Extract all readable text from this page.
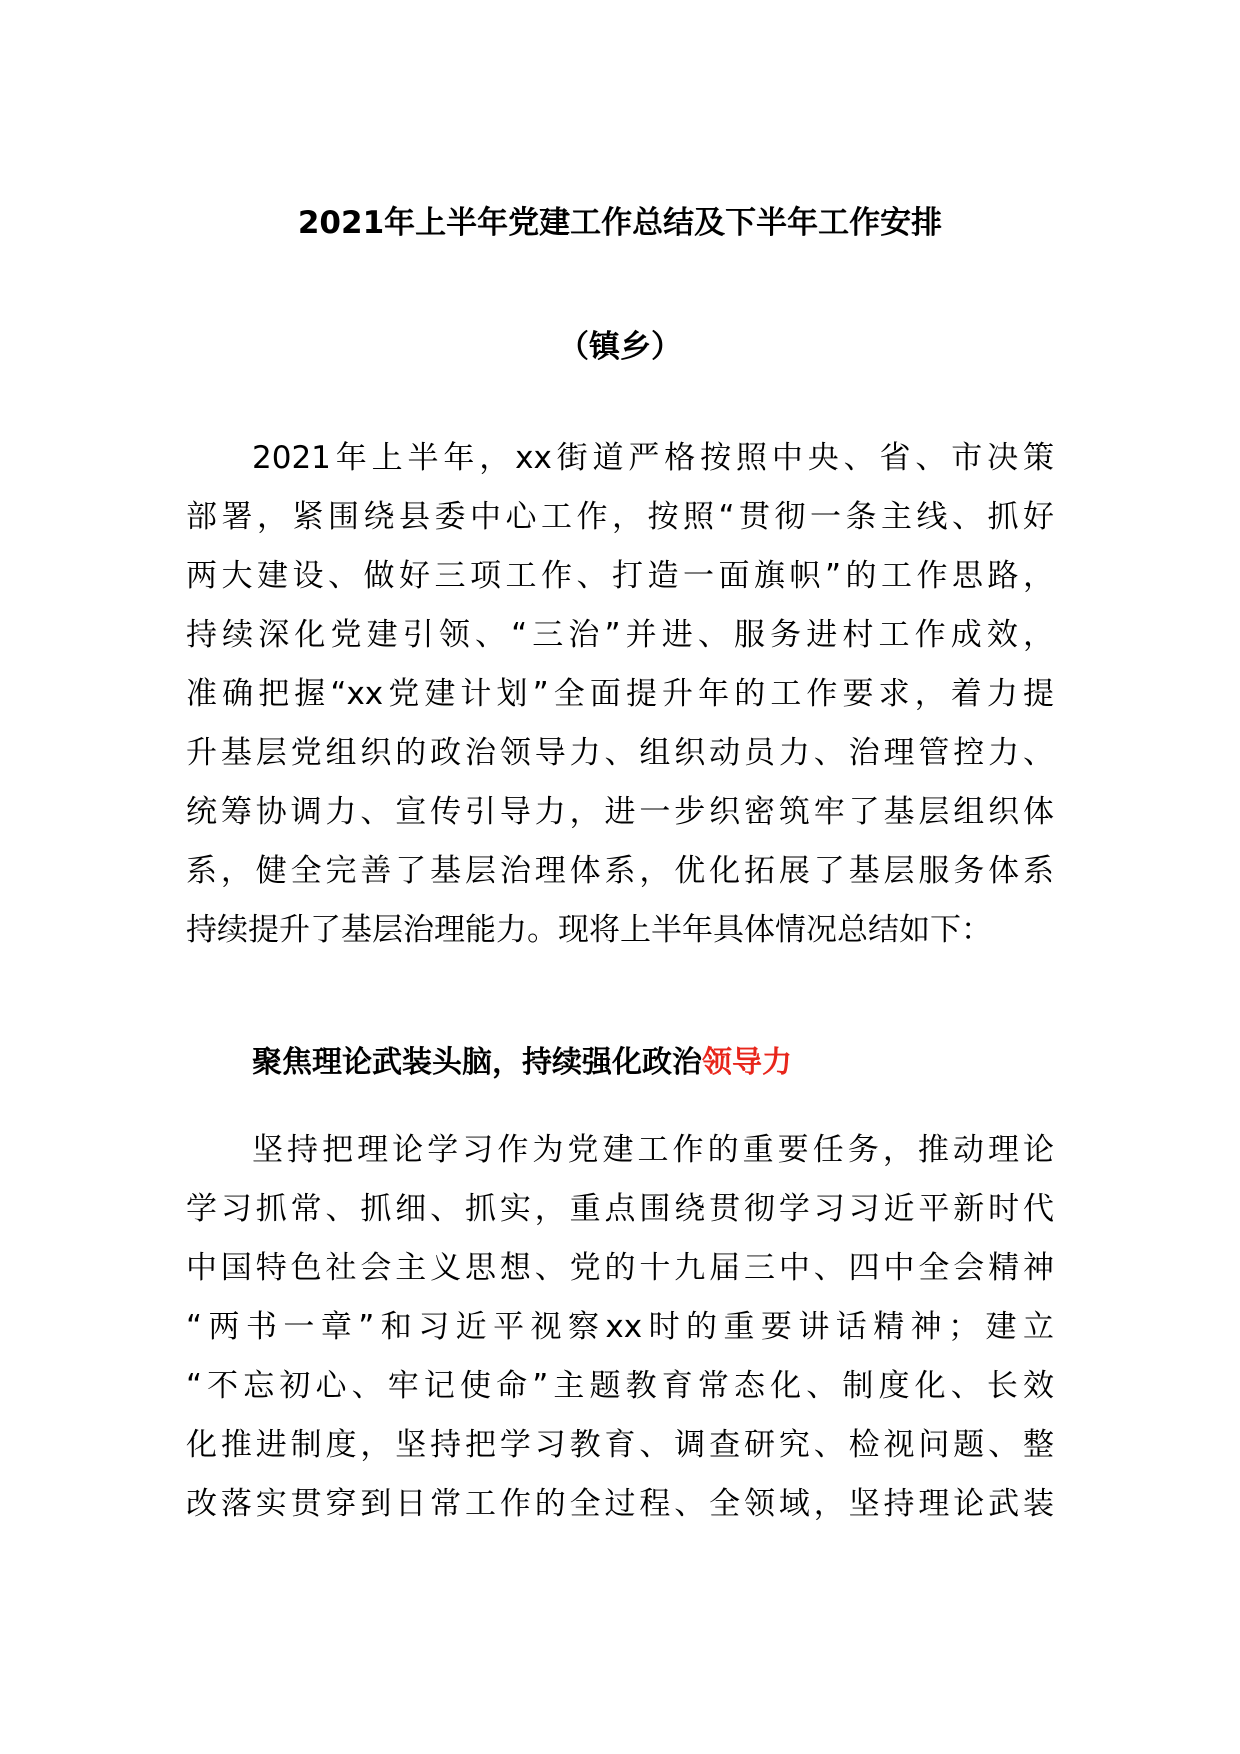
2021年上半年党建工作总结及下半年工作安排
（镇乡）

2021年上半年，xx街道严格按照中央、省、市决策

部署，紧围绕县委中心工作，按照“贯彻一条主线、抓好

两大建设、做好三项工作、打造一面旗帜”的工作思路，

持续深化党建引领、“三治”并进、服务进村工作成效，

准确把握“xx党建计划”全面提升年的工作要求，着力提

升基层党组织的政治领导力、组织动员力、治理管控力、

统筹协调力、宣传引导力，进一步织密筑牢了基层组织体

系，健全完善了基层治理体系，优化拓展了基层服务体系

持续提升了基层治理能力。现将上半年具体情况总结如下：

聚焦理论武装头脑，持续强化政治领导力

坚持把理论学习作为党建工作的重要任务，推动理论

学习抓常、抓细、抓实，重点围绕贯彻学习习近平新时代

中国特色社会主义思想、党的十九届三中、四中全会精神

“两书一章”和习近平视察xx时的重要讲话精神；建立

“不忘初心、牢记使命”主题教育常态化、制度化、长效

化推进制度，坚持把学习教育、调查研究、检视问题、整

改落实贯穿到日常工作的全过程、全领域，坚持理论武装
